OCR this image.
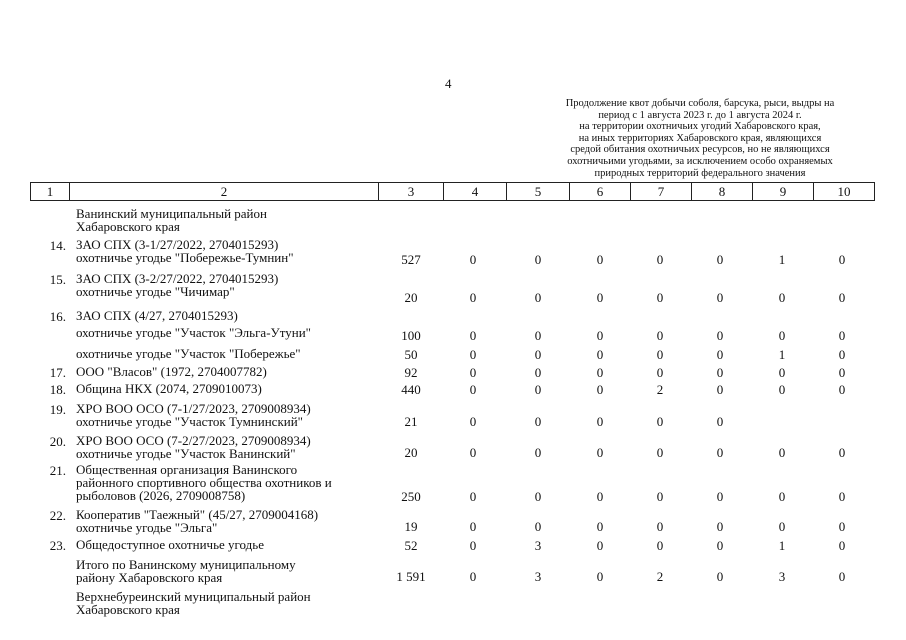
4
Продолжение квот добычи соболя, барсука, рыси, выдры на
период с 1 августа 2023 г. до 1 августа 2024 г.
на территории охотничьих угодий Хабаровского края,
на иных территориях Хабаровского края, являющихся
средой обитания охотничьих ресурсов, но не являющихся
охотничьими угодьями, за исключением особо охраняемых
природных территорий федерального значения
1	2	3	4	5	6	7	8	9	10
Ванинский муниципальный район
Хабаровского края
14. ЗАО СПХ (3-1/27/2022, 2704015293)
охотничье угодье "Побережье-Тумнин"	527	0	0	0	0	0	1	0
15. ЗАО СПХ (3-2/27/2022, 2704015293)
охотничье угодье "Чичимар"	20	0	0	0	0	0	0	0
16. ЗАО СПХ (4/27, 2704015293)
охотничье угодье "Участок "Эльга-Утуни"	100	0	0	0	0	0	0	0
охотничье угодье "Участок "Побережье"	50	0	0	0	0	0	1	0
17. ООО "Власов" (1972, 2704007782)	92	0	0	0	0	0	0	0
18. Община НКХ (2074, 2709010073)	440	0	0	0	2	0	0	0
19. ХРО ВОО ОСО (7-1/27/2023, 2709008934)
охотничье угодье "Участок Тумнинский"	21	0	0	0	0	0
20. ХРО ВОО ОСО (7-2/27/2023, 2709008934)
охотничье угодье "Участок Ванинский"	20	0	0	0	0	0	0	0
21. Общественная организация Ванинского
районного спортивного общества охотников и
рыболовов (2026, 2709008758)	250	0	0	0	0	0	0	0
22. Кооператив "Таежный" (45/27, 2709004168)
охотничье угодье "Эльга"	19	0	0	0	0	0	0	0
23. Общедоступное охотничье угодье	52	0	3	0	0	0	1	0
Итого по Ванинскому муниципальному
району Хабаровского края	1 591	0	3	0	2	0	3	0
Верхнебуреинский муниципальный район
Хабаровского края
